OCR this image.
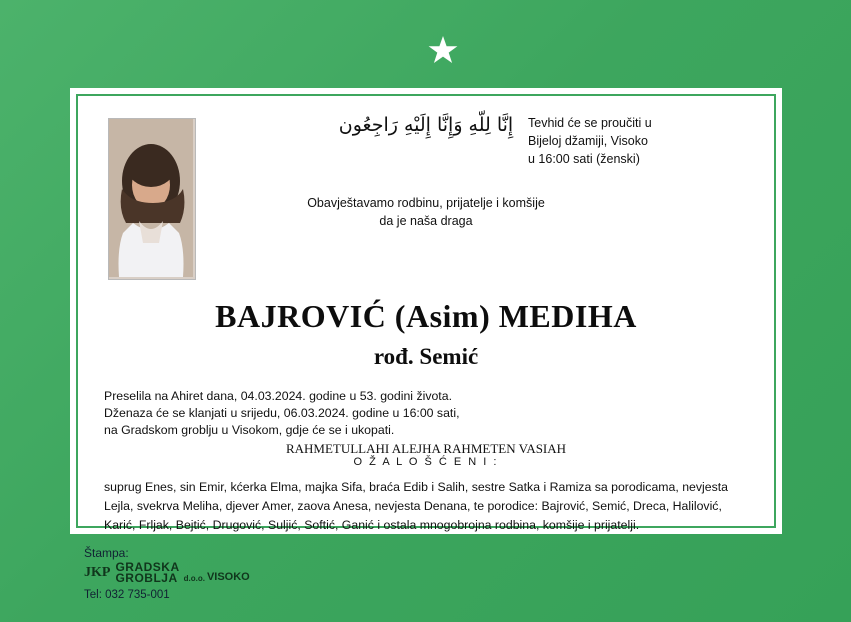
إِنَّا لِلّهِ وَإِنَّا إِلَيْهِ رَاجِعُون	Tevhid će se proučiti u
Bijeloj džamiji, Visoko
u 16:00 sati (ženski)
Obavještavamo rodbinu, prijatelje i komšije
da je naša draga
BAJROVIĆ (Asim) MEDIHA
rođ. Semić
Preselila na Ahiret dana, 04.03.2024. godine u 53. godini života.
Dženaza će se klanjati u srijedu, 06.03.2024. godine u 16:00 sati,
na Gradskom groblju u Visokom, gdje će se i ukopati.
RAHMETULLAHI ALEJHA RAHMETEN VASIAH
O Ž A L O Š Ć E N I :
suprug Enes, sin Emir, kćerka Elma, majka Sifa, braća Edib i Salih, sestre Satka i Ramiza sa porodicama, nevjesta
Lejla, svekrva Meliha, djever Amer, zaova Anesa, nevjesta Denana, te porodice: Bajrović, Semić, Dreca, Halilović,
Karić, Frljak, Bejtić, Drugović, Suljić, Softić, Ganić i ostala mnogobrojna rodbina, komšije i prijatelji.
Štampa:
JKP GRADSKA
GROBLJA d.o.o. VISOKO
Tel: 032 735-001
